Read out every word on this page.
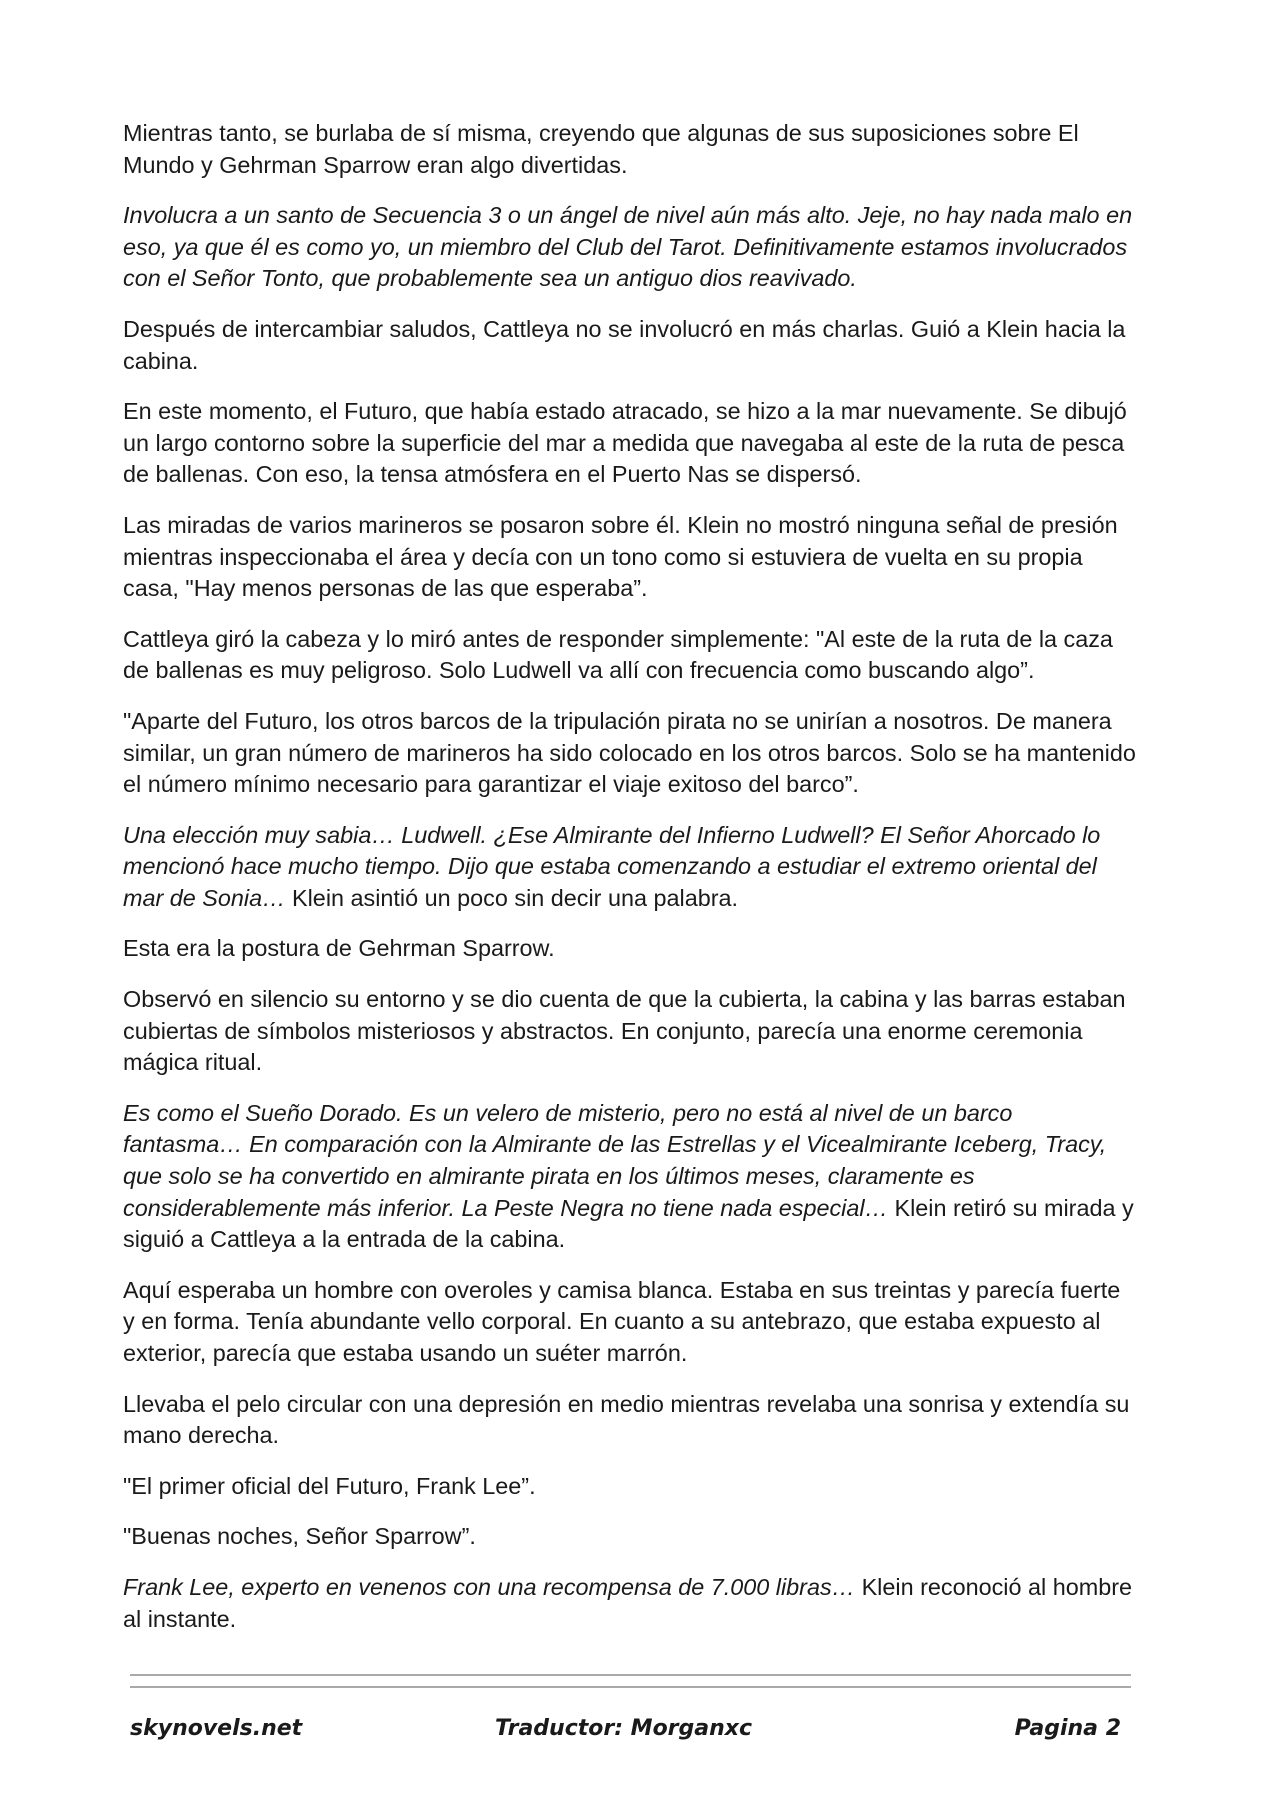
Mientras tanto, se burlaba de sí misma, creyendo que algunas de sus suposiciones sobre El Mundo y Gehrman Sparrow eran algo divertidas.

Involucra a un santo de Secuencia 3 o un ángel de nivel aún más alto. Jeje, no hay nada malo en eso, ya que él es como yo, un miembro del Club del Tarot. Definitivamente estamos involucrados con el Señor Tonto, que probablemente sea un antiguo dios reavivado.

Después de intercambiar saludos, Cattleya no se involucró en más charlas. Guió a Klein hacia la cabina.

En este momento, el Futuro, que había estado atracado, se hizo a la mar nuevamente. Se dibujó un largo contorno sobre la superficie del mar a medida que navegaba al este de la ruta de pesca de ballenas. Con eso, la tensa atmósfera en el Puerto Nas se dispersó.

Las miradas de varios marineros se posaron sobre él. Klein no mostró ninguna señal de presión mientras inspeccionaba el área y decía con un tono como si estuviera de vuelta en su propia casa, "Hay menos personas de las que esperaba”.

Cattleya giró la cabeza y lo miró antes de responder simplemente: "Al este de la ruta de la caza de ballenas es muy peligroso. Solo Ludwell va allí con frecuencia como buscando algo”.

"Aparte del Futuro, los otros barcos de la tripulación pirata no se unirían a nosotros. De manera similar, un gran número de marineros ha sido colocado en los otros barcos. Solo se ha mantenido el número mínimo necesario para garantizar el viaje exitoso del barco”.

Una elección muy sabia… Ludwell. ¿Ese Almirante del Infierno Ludwell? El Señor Ahorcado lo mencionó hace mucho tiempo. Dijo que estaba comenzando a estudiar el extremo oriental del mar de Sonia… Klein asintió un poco sin decir una palabra.

Esta era la postura de Gehrman Sparrow.

Observó en silencio su entorno y se dio cuenta de que la cubierta, la cabina y las barras estaban cubiertas de símbolos misteriosos y abstractos. En conjunto, parecía una enorme ceremonia mágica ritual.

Es como el Sueño Dorado. Es un velero de misterio, pero no está al nivel de un barco fantasma… En comparación con la Almirante de las Estrellas y el Vicealmirante Iceberg, Tracy, que solo se ha convertido en almirante pirata en los últimos meses, claramente es considerablemente más inferior. La Peste Negra no tiene nada especial… Klein retiró su mirada y siguió a Cattleya a la entrada de la cabina.

Aquí esperaba un hombre con overoles y camisa blanca. Estaba en sus treintas y parecía fuerte y en forma. Tenía abundante vello corporal. En cuanto a su antebrazo, que estaba expuesto al exterior, parecía que estaba usando un suéter marrón.

Llevaba el pelo circular con una depresión en medio mientras revelaba una sonrisa y extendía su mano derecha.

"El primer oficial del Futuro, Frank Lee”.

"Buenas noches, Señor Sparrow”.

Frank Lee, experto en venenos con una recompensa de 7.000 libras… Klein reconoció al hombre al instante.

skynovels.net	Traductor: Morganxc	Pagina 2
